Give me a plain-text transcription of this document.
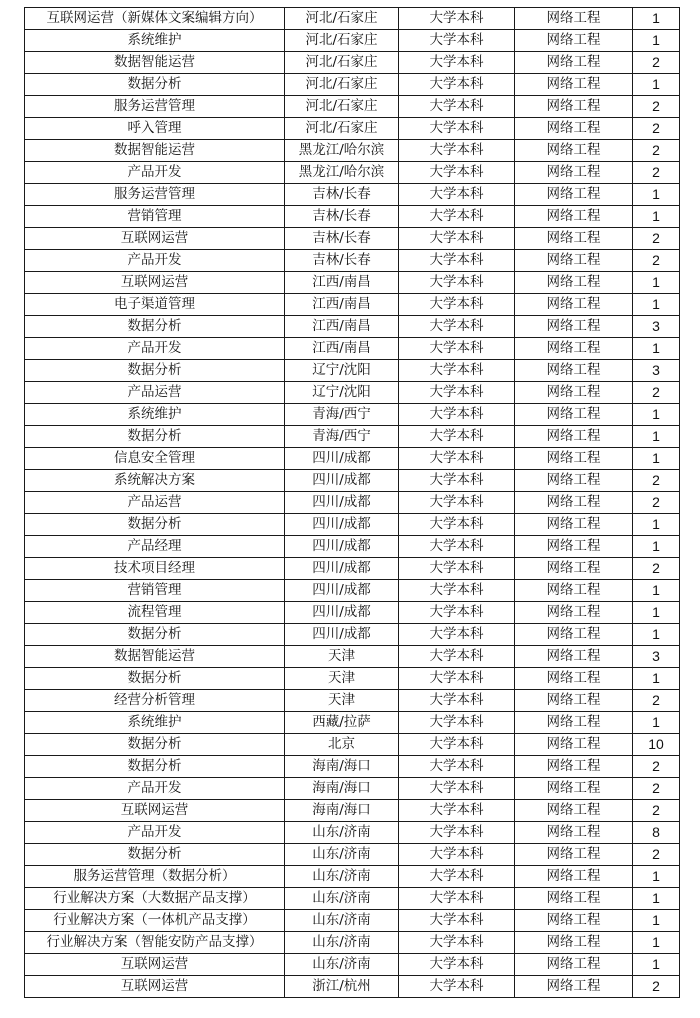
互联网运营（新媒体文案编辑方向）	河北/石家庄	大学本科	网络工程	1
系统维护	河北/石家庄	大学本科	网络工程	1
数据智能运营	河北/石家庄	大学本科	网络工程	2
数据分析	河北/石家庄	大学本科	网络工程	1
服务运营管理	河北/石家庄	大学本科	网络工程	2
呼入管理	河北/石家庄	大学本科	网络工程	2
数据智能运营	黑龙江/哈尔滨	大学本科	网络工程	2
产品开发	黑龙江/哈尔滨	大学本科	网络工程	2
服务运营管理	吉林/长春	大学本科	网络工程	1
营销管理	吉林/长春	大学本科	网络工程	1
互联网运营	吉林/长春	大学本科	网络工程	2
产品开发	吉林/长春	大学本科	网络工程	2
互联网运营	江西/南昌	大学本科	网络工程	1
电子渠道管理	江西/南昌	大学本科	网络工程	1
数据分析	江西/南昌	大学本科	网络工程	3
产品开发	江西/南昌	大学本科	网络工程	1
数据分析	辽宁/沈阳	大学本科	网络工程	3
产品运营	辽宁/沈阳	大学本科	网络工程	2
系统维护	青海/西宁	大学本科	网络工程	1
数据分析	青海/西宁	大学本科	网络工程	1
信息安全管理	四川/成都	大学本科	网络工程	1
系统解决方案	四川/成都	大学本科	网络工程	2
产品运营	四川/成都	大学本科	网络工程	2
数据分析	四川/成都	大学本科	网络工程	1
产品经理	四川/成都	大学本科	网络工程	1
技术项目经理	四川/成都	大学本科	网络工程	2
营销管理	四川/成都	大学本科	网络工程	1
流程管理	四川/成都	大学本科	网络工程	1
数据分析	四川/成都	大学本科	网络工程	1
数据智能运营	天津	大学本科	网络工程	3
数据分析	天津	大学本科	网络工程	1
经营分析管理	天津	大学本科	网络工程	2
系统维护	西藏/拉萨	大学本科	网络工程	1
数据分析	北京	大学本科	网络工程	10
数据分析	海南/海口	大学本科	网络工程	2
产品开发	海南/海口	大学本科	网络工程	2
互联网运营	海南/海口	大学本科	网络工程	2
产品开发	山东/济南	大学本科	网络工程	8
数据分析	山东/济南	大学本科	网络工程	2
服务运营管理（数据分析）	山东/济南	大学本科	网络工程	1
行业解决方案（大数据产品支撑）	山东/济南	大学本科	网络工程	1
行业解决方案（一体机产品支撑）	山东/济南	大学本科	网络工程	1
行业解决方案（智能安防产品支撑）	山东/济南	大学本科	网络工程	1
互联网运营	山东/济南	大学本科	网络工程	1
互联网运营	浙江/杭州	大学本科	网络工程	2
